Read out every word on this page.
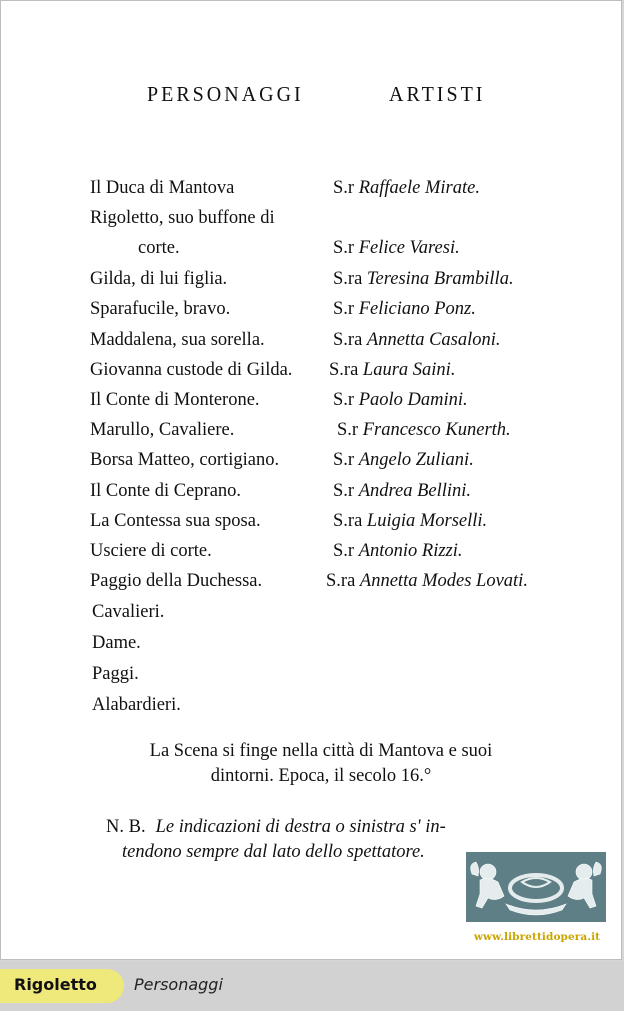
PERSONAGGI	ARTISTI
Il Duca di Mantova	S.r Raffaele Mirate.
Rigoletto, suo buffone di
corte.	S.r Felice Varesi.
Gilda, di lui figlia.	S.ra Teresina Brambilla.
Sparafucile, bravo.	S.r Feliciano Ponz.
Maddalena, sua sorella.	S.ra Annetta Casaloni.
Giovanna custode di Gilda. S.ra Laura Saini.
Il Conte di Monterone.	S.r Paolo Damini.
Marullo, Cavaliere.	S.r Francesco Kunerth.
Borsa Matteo, cortigiano.	S.r Angelo Zuliani.
Il Conte di Ceprano.	S.r Andrea Bellini.
La Contessa sua sposa.	S.ra Luigia Morselli.
Usciere di corte.	S.r Antonio Rizzi.
Paggio della Duchessa.	S.ra Annetta Modes Lovati.
Cavalieri.
Dame.
Paggi.
Alabardieri.
La Scena si finge nella città di Mantova e suoi
dintorni. Epoca, il secolo 16.°
N. B. Le indicazioni di destra o sinistra s' in-
tendono sempre dal lato dello spettatore.
www.librettidopera.it
Rigoletto Personaggi
